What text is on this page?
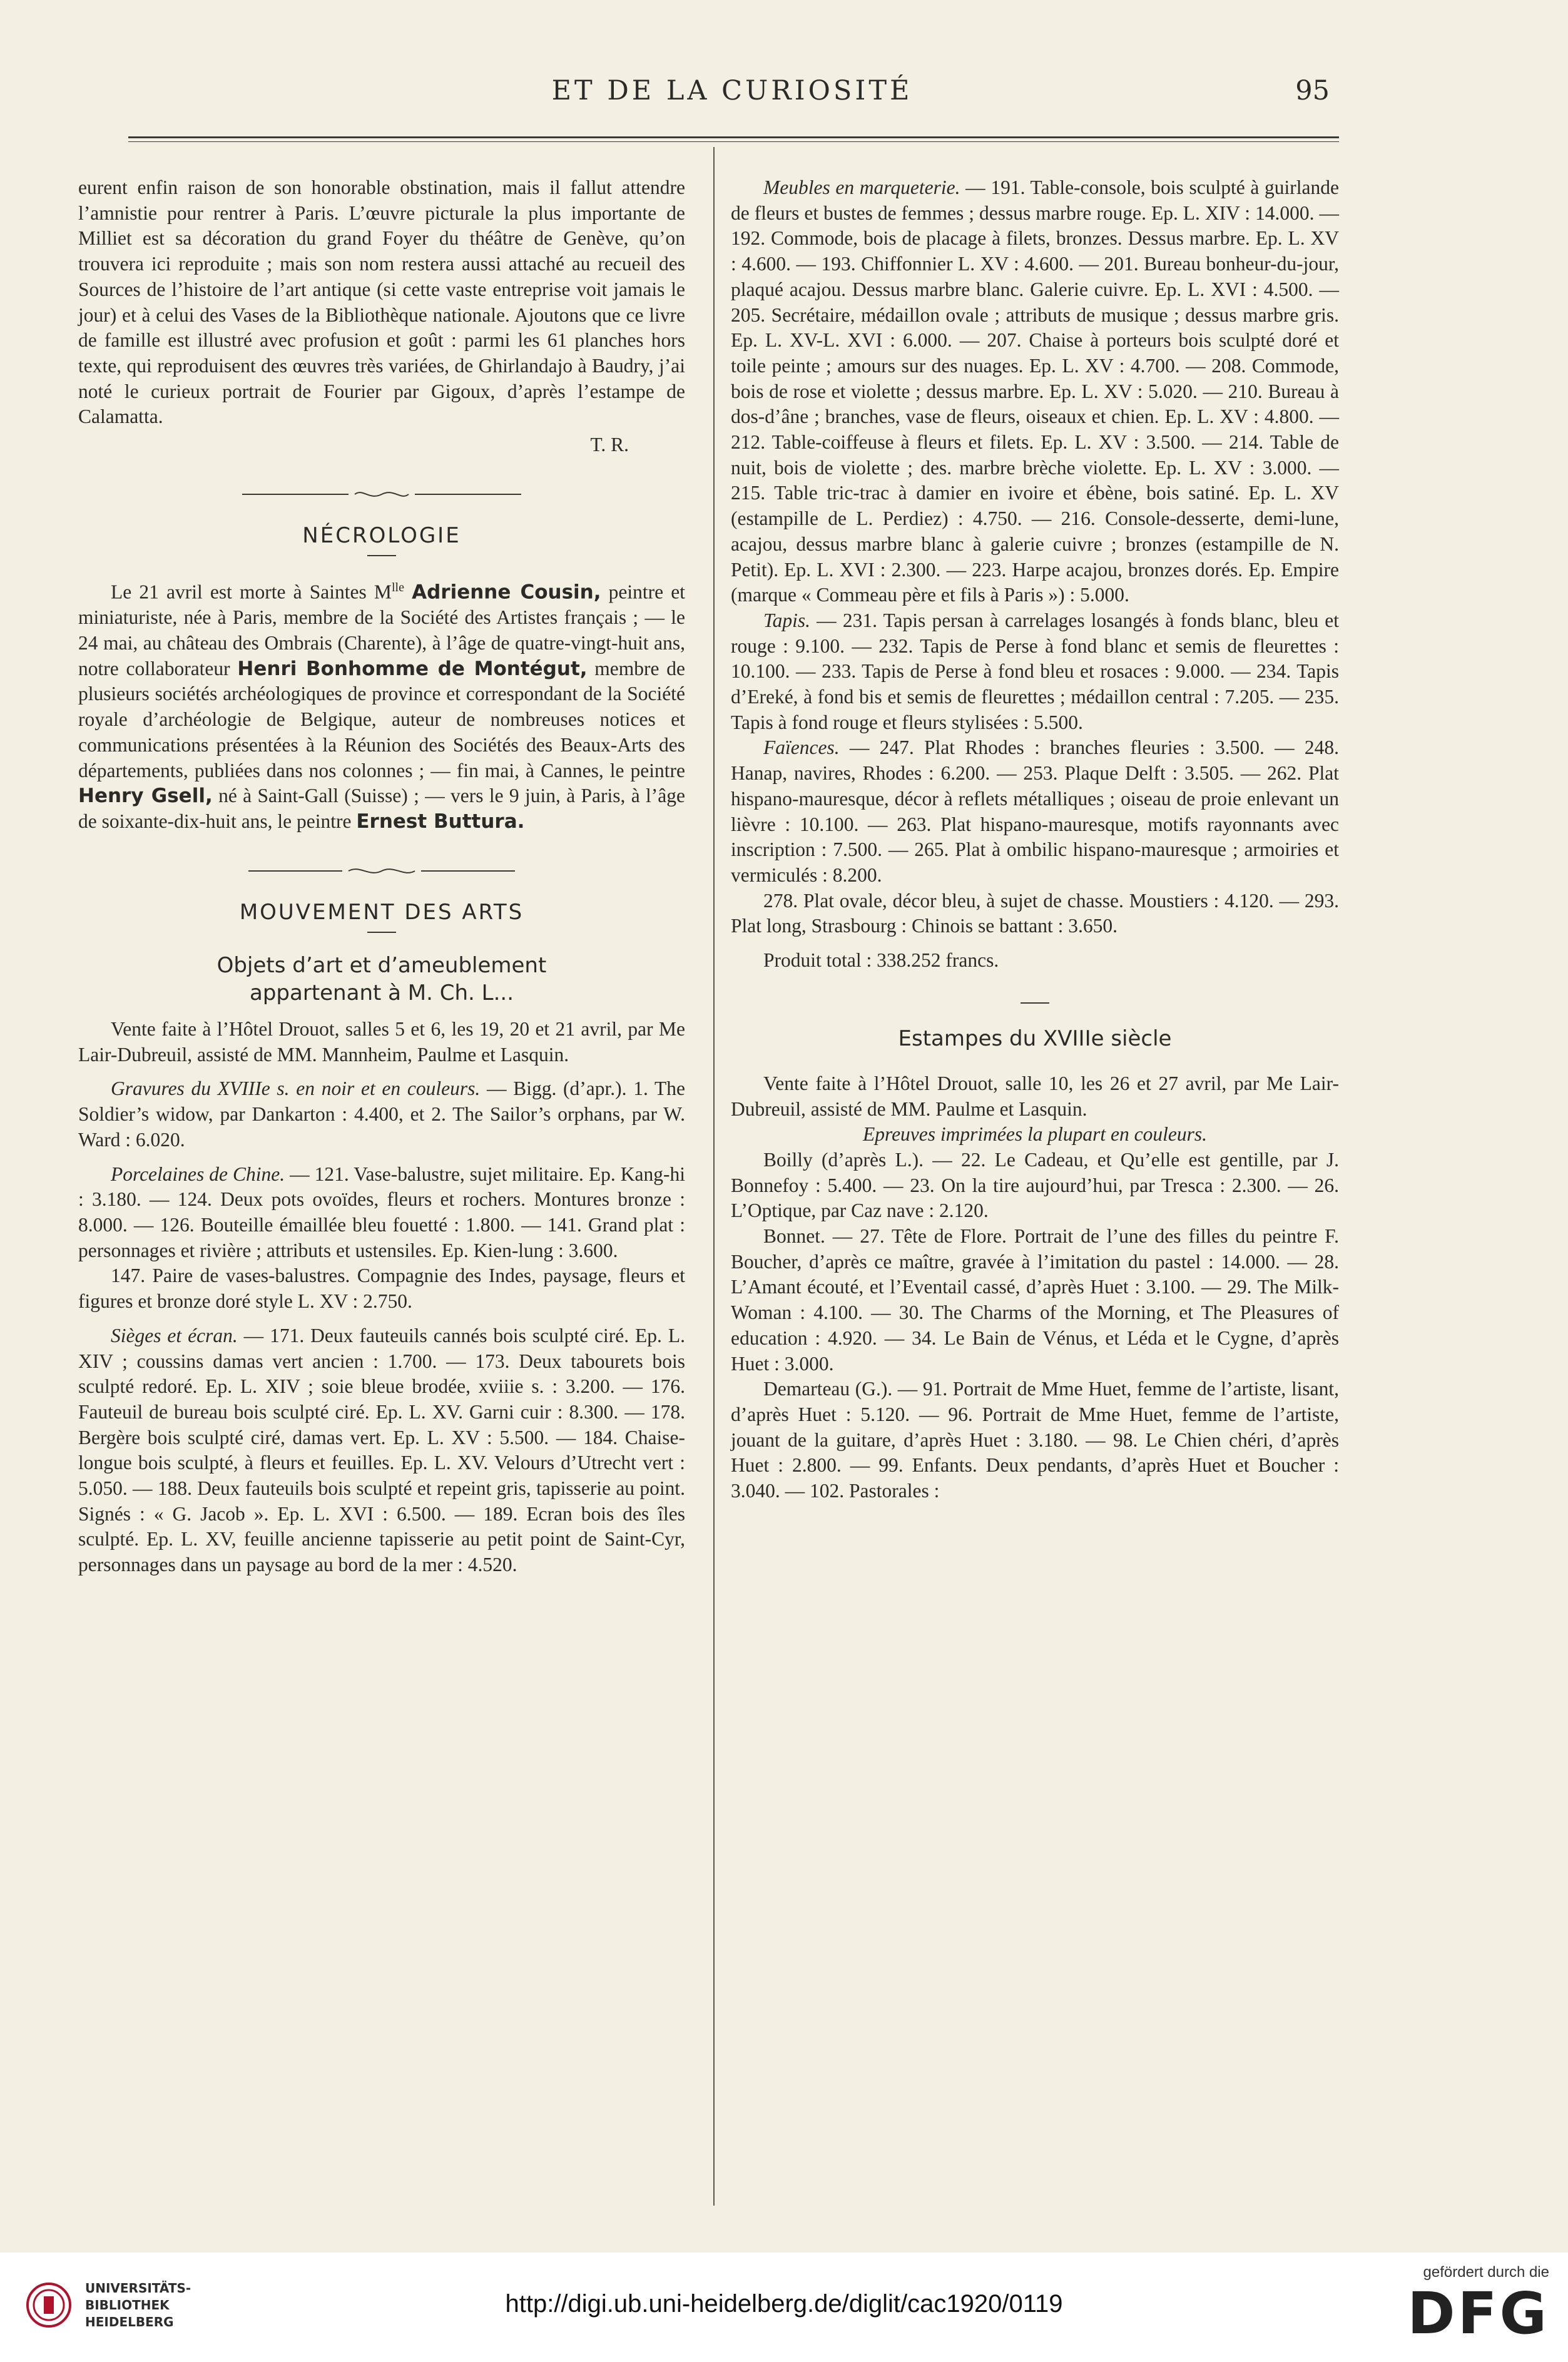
ET DE LA CURIOSITÉ	95

eurent enfin raison de son honorable obstination, mais il fallut attendre l’amnistie pour rentrer à Paris. L’œuvre picturale la plus importante de Milliet est sa décoration du grand Foyer du théâtre de Genève, qu’on trouvera ici reproduite ; mais son nom restera aussi attaché au recueil des Sources de l’histoire de l’art antique (si cette vaste entreprise voit jamais le jour) et à celui des Vases de la Bibliothèque nationale. Ajoutons que ce livre de famille est illustré avec profusion et goût : parmi les 61 planches hors texte, qui reproduisent des œuvres très variées, de Ghirlandajo à Baudry, j’ai noté le curieux portrait de Fourier par Gigoux, d’après l’estampe de Calamatta.

T. R.

NÉCROLOGIE

Le 21 avril est morte à Saintes $M^{lle}$ Adrienne Cousin, peintre et miniaturiste, née à Paris, membre de la Société des Artistes français ; — le 24 mai, au château des Ombrais (Charente), à l’âge de quatre-vingt-huit ans, notre collaborateur Henri Bonhomme de Montégut, membre de plusieurs sociétés archéologiques de province et correspondant de la Société royale d’archéologie de Belgique, auteur de nombreuses notices et communications présentées à la Réunion des Sociétés des Beaux-Arts des départements, publiées dans nos colonnes ; — fin mai, à Cannes, le peintre Henry Gsell, né à Saint-Gall (Suisse) ; — vers le 9 juin, à Paris, à l’âge de soixante-dix-huit ans, le peintre Ernest Buttura.

MOUVEMENT DES ARTS
Objets d’art et d’ameublement
appartenant à M. Ch. L...

Vente faite à l’Hôtel Drouot, salles 5 et 6, les 19, 20 et 21 avril, par Me Lair-Dubreuil, assisté de MM. Mannheim, Paulme et Lasquin.

Gravures du XVIIIe s. en noir et en couleurs. — Bigg. (d’apr.). 1. The Soldier’s widow, par Dankarton : 4.400, et 2. The Sailor’s orphans, par W. Ward : 6.020.

Porcelaines de Chine. — 121. Vase-balustre, sujet militaire. Ep. Kang-hi : 3.180. — 124. Deux pots ovoïdes, fleurs et rochers. Montures bronze : 8.000. — 126. Bouteille émaillée bleu fouetté : 1.800. — 141. Grand plat : personnages et rivière ; attributs et ustensiles. Ep. Kien-lung : 3.600.

147. Paire de vases-balustres. Compagnie des Indes, paysage, fleurs et figures et bronze doré style L. XV : 2.750.

Sièges et écran. — 171. Deux fauteuils cannés bois sculpté ciré. Ep. L. XIV ; coussins damas vert ancien : 1.700. — 173. Deux tabourets bois sculpté redoré. Ep. L. XIV ; soie bleue brodée, xviiie s. : 3.200. — 176. Fauteuil de bureau bois sculpté ciré. Ep. L. XV. Garni cuir : 8.300. — 178. Bergère bois sculpté ciré, damas vert. Ep. L. XV : 5.500. — 184. Chaise-longue bois sculpté, à fleurs et feuilles. Ep. L. XV. Velours d’Utrecht vert : 5.050. — 188. Deux fauteuils bois sculpté et repeint gris, tapisserie au point. Signés : « G. Jacob ». Ep. L. XVI : 6.500. — 189. Ecran bois des îles sculpté. Ep. L. XV, feuille ancienne tapisserie au petit point de Saint-Cyr, personnages dans un paysage au bord de la mer : 4.520.

Meubles en marqueterie. — 191. Table-console, bois sculpté à guirlande de fleurs et bustes de femmes ; dessus marbre rouge. Ep. L. XIV : 14.000. — 192. Commode, bois de placage à filets, bronzes. Dessus marbre. Ep. L. XV : 4.600. — 193. Chiffonnier L. XV : 4.600. — 201. Bureau bonheur-du-jour, plaqué acajou. Dessus marbre blanc. Galerie cuivre. Ep. L. XVI : 4.500. — 205. Secrétaire, médaillon ovale ; attributs de musique ; dessus marbre gris. Ep. L. XV-L. XVI : 6.000. — 207. Chaise à porteurs bois sculpté doré et toile peinte ; amours sur des nuages. Ep. L. XV : 4.700. — 208. Commode, bois de rose et violette ; dessus marbre. Ep. L. XV : 5.020. — 210. Bureau à dos-d’âne ; branches, vase de fleurs, oiseaux et chien. Ep. L. XV : 4.800. — 212. Table-coiffeuse à fleurs et filets. Ep. L. XV : 3.500. — 214. Table de nuit, bois de violette ; des. marbre brèche violette. Ep. L. XV : 3.000. — 215. Table tric-trac à damier en ivoire et ébène, bois satiné. Ep. L. XV (estampille de L. Perdiez) : 4.750. — 216. Console-desserte, demi-lune, acajou, dessus marbre blanc à galerie cuivre ; bronzes (estampille de N. Petit). Ep. L. XVI : 2.300. — 223. Harpe acajou, bronzes dorés. Ep. Empire (marque « Commeau père et fils à Paris ») : 5.000.

Tapis. — 231. Tapis persan à carrelages losangés à fonds blanc, bleu et rouge : 9.100. — 232. Tapis de Perse à fond blanc et semis de fleurettes : 10.100. — 233. Tapis de Perse à fond bleu et rosaces : 9.000. — 234. Tapis d’Ereké, à fond bis et semis de fleurettes ; médaillon central : 7.205. — 235. Tapis à fond rouge et fleurs stylisées : 5.500.

Faïences. — 247. Plat Rhodes : branches fleuries : 3.500. — 248. Hanap, navires, Rhodes : 6.200. — 253. Plaque Delft : 3.505. — 262. Plat hispano-mauresque, décor à reflets métalliques ; oiseau de proie enlevant un lièvre : 10.100. — 263. Plat hispano-mauresque, motifs rayonnants avec inscription : 7.500. — 265. Plat à ombilic hispano-mauresque ; armoiries et vermiculés : 8.200.

278. Plat ovale, décor bleu, à sujet de chasse. Moustiers : 4.120. — 293. Plat long, Strasbourg : Chinois se battant : 3.650.

Produit total : 338.252 francs.

Estampes du XVIIIe siècle

Vente faite à l’Hôtel Drouot, salle 10, les 26 et 27 avril, par Me Lair-Dubreuil, assisté de MM. Paulme et Lasquin.

Epreuves imprimées la plupart en couleurs.

Boilly (d’après L.). — 22. Le Cadeau, et Qu’elle est gentille, par J. Bonnefoy : 5.400. — 23. On la tire aujourd’hui, par Tresca : 2.300. — 26. L’Optique, par Caz nave : 2.120.

Bonnet. — 27. Tête de Flore. Portrait de l’une des filles du peintre F. Boucher, d’après ce maître, gravée à l’imitation du pastel : 14.000. — 28. L’Amant écouté, et l’Eventail cassé, d’après Huet : 3.100. — 29. The Milk-Woman : 4.100. — 30. The Charms of the Morning, et The Pleasures of education : 4.920. — 34. Le Bain de Vénus, et Léda et le Cygne, d’après Huet : 3.000.

Demarteau (G.). — 91. Portrait de Mme Huet, femme de l’artiste, lisant, d’après Huet : 5.120. — 96. Portrait de Mme Huet, femme de l’artiste, jouant de la guitare, d’après Huet : 3.180. — 98. Le Chien chéri, d’après Huet : 2.800. — 99. Enfants. Deux pendants, d’après Huet et Boucher : 3.040. — 102. Pastorales :

UNIVERSITÄTS-
BIBLIOTHEK
HEIDELBERG
http://digi.ub.uni-heidelberg.de/diglit/cac1920/0119
gefördert durch die
DFG
